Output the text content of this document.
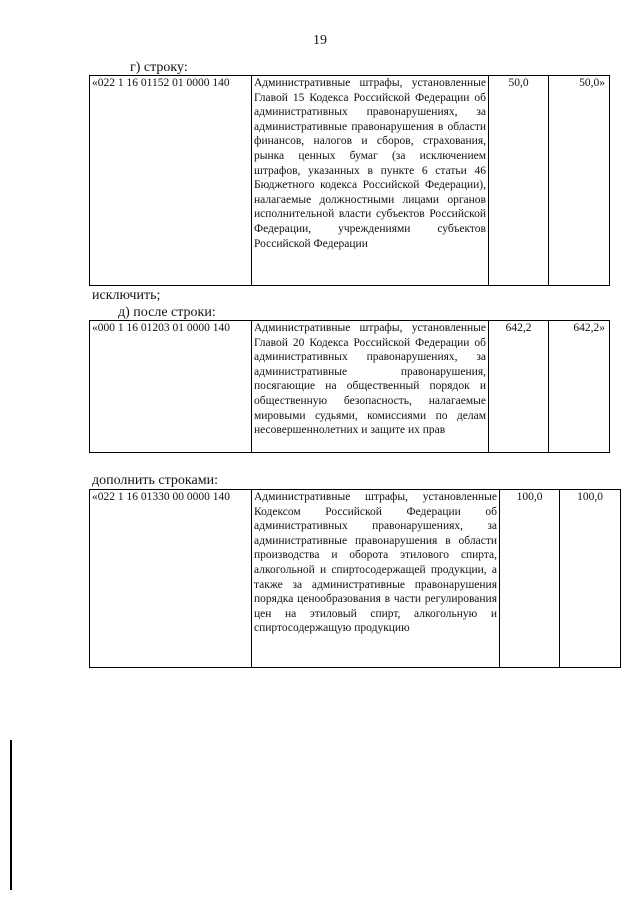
19
г) строку:
«022 1 16 01152 01 0000 140	Административные штрафы, установленные Главой 15 Кодекса Российской Федерации об административных правонарушениях, за административные правонарушения в области финансов, налогов и сборов, страхования, рынка ценных бумаг (за исключением штрафов, указанных в пункте 6 статьи 46 Бюджетного кодекса Российской Федерации), налагаемые должностными лицами органов исполнительной власти субъектов Российской Федерации, учреждениями субъектов Российской Федерации	50,0	50,0»
исключить;
д) после строки:
«000 1 16 01203 01 0000 140	Административные штрафы, установленные Главой 20 Кодекса Российской Федерации об административных правонарушениях, за административные правонарушения, посягающие на общественный порядок и общественную безопасность, налагаемые мировыми судьями, комиссиями по делам несовершеннолетних и защите их прав	642,2	642,2»
дополнить строками:
«022 1 16 01330 00 0000 140	Административные штрафы, установленные Кодексом Российской Федерации об административных правонарушениях, за административные правонарушения в области производства и оборота этилового спирта, алкогольной и спиртосодержащей продукции, а также за административные правонарушения порядка ценообразования в части регулирования цен на этиловый спирт, алкогольную и спиртосодержащую продукцию	100,0	100,0
